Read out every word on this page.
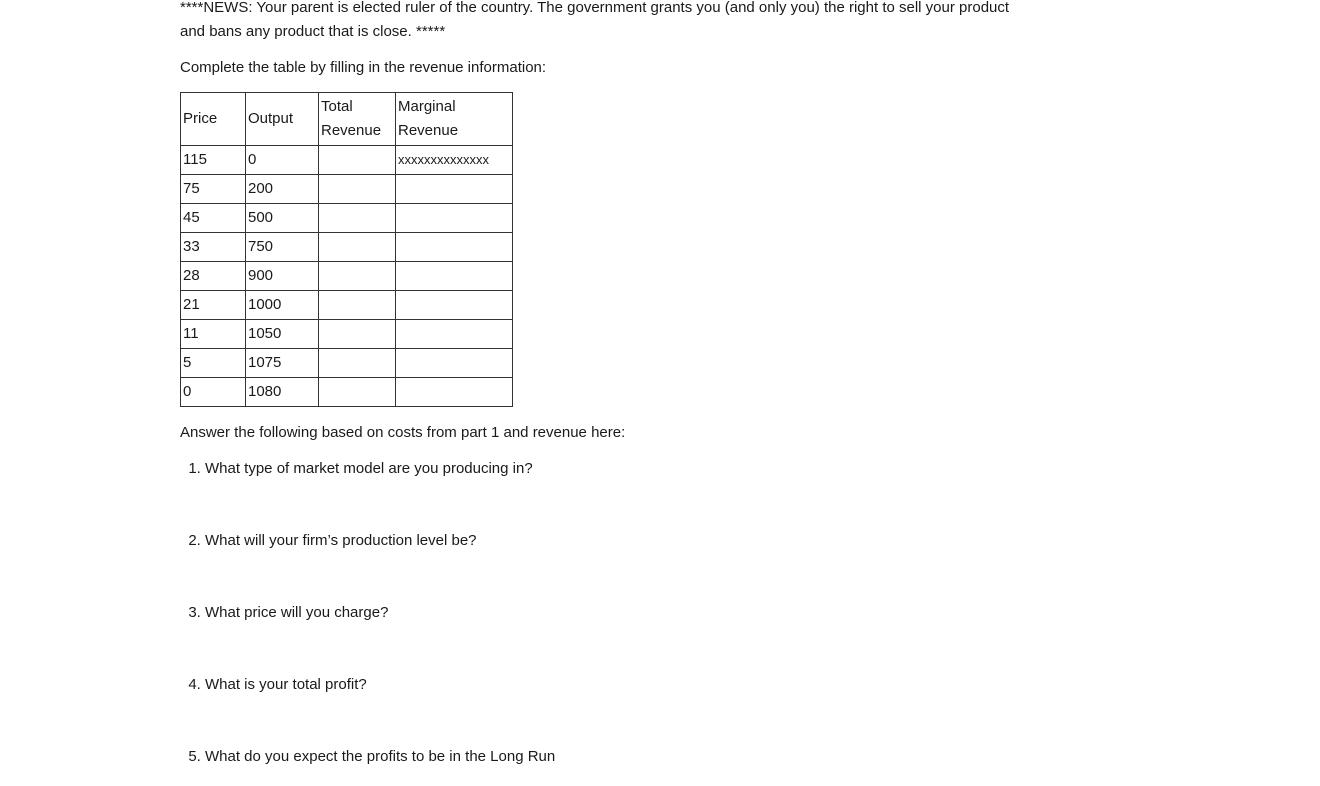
****NEWS: Your parent is elected ruler of the country. The government grants you (and only you) the right to sell your product and bans any product that is close. *****

Complete the table by filling in the revenue information:

Price	Output	Total Revenue	Marginal Revenue
115	0		xxxxxxxxxxxxxx
75	200		
45	500		
33	750		
28	900		
21	1000		
11	1050		
5	1075		
0	1080		

Answer the following based on costs from part 1 and revenue here:

1. What type of market model are you producing in?
2. What will your firm’s production level be?
3. What price will you charge?
4. What is your total profit?
5. What do you expect the profits to be in the Long Run
